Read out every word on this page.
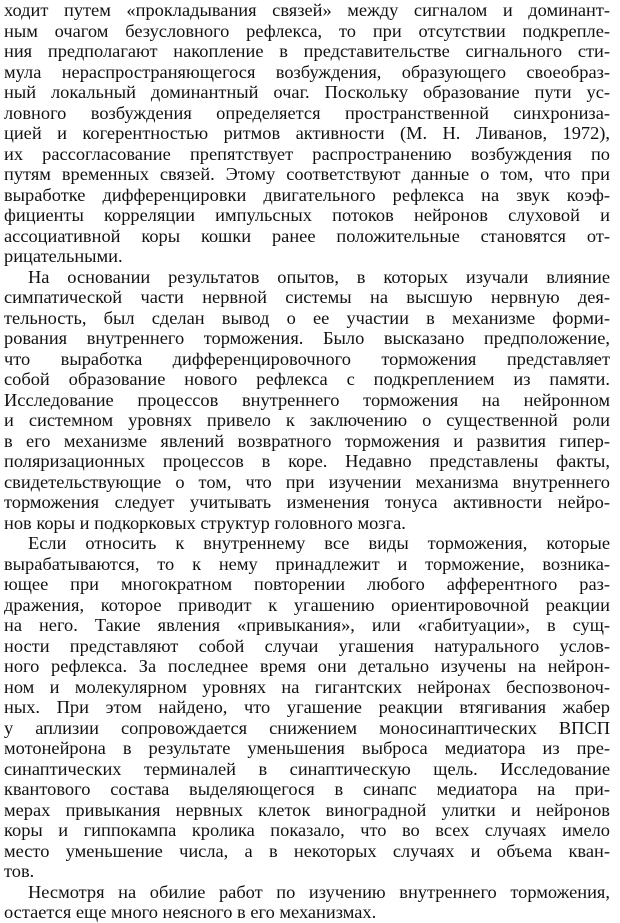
ходит путем «прокладывания связей» между сигналом и доминант-
ным очагом безусловного рефлекса, то при отсутствии подкрепле-
ния предполагают накопление в представительстве сигнального сти-
мула нераспространяющегося возбуждения, образующего своеобраз-
ный локальный доминантный очаг. Поскольку образование пути ус-
ловного возбуждения определяется пространственной синхрониза-
цией и когерентностью ритмов активности (М. Н. Ливанов, 1972),
их рассогласование препятствует распространению возбуждения по
путям временных связей. Этому соответствуют данные о том, что при
выработке дифференцировки двигательного рефлекса на звук коэф-
фициенты корреляции импульсных потоков нейронов слуховой и
ассоциативной коры кошки ранее положительные становятся от-
рицательными.
На основании результатов опытов, в которых изучали влияние
симпатической части нервной системы на высшую нервную дея-
тельность, был сделан вывод о ее участии в механизме форми-
рования внутреннего торможения. Было высказано предположение,
что выработка дифференцировочного торможения представляет
собой образование нового рефлекса с подкреплением из памяти.
Исследование процессов внутреннего торможения на нейронном
и системном уровнях привело к заключению о существенной роли
в его механизме явлений возвратного торможения и развития гипер-
поляризационных процессов в коре. Недавно представлены факты,
свидетельствующие о том, что при изучении механизма внутреннего
торможения следует учитывать изменения тонуса активности нейро-
нов коры и подкорковых структур головного мозга.
Если относить к внутреннему все виды торможения, которые
вырабатываются, то к нему принадлежит и торможение, возника-
ющее при многократном повторении любого афферентного раз-
дражения, которое приводит к угашению ориентировочной реакции
на него. Такие явления «привыкания», или «габитуации», в сущ-
ности представляют собой случаи угашения натурального услов-
ного рефлекса. За последнее время они детально изучены на нейрон-
ном и молекулярном уровнях на гигантских нейронах беспозвоноч-
ных. При этом найдено, что угашение реакции втягивания жабер
у аплизии сопровождается снижением моносинаптических ВПСП
мотонейрона в результате уменьшения выброса медиатора из пре-
синаптических терминалей в синаптическую щель. Исследование
квантового состава выделяющегося в синапс медиатора на при-
мерах привыкания нервных клеток виноградной улитки и нейронов
коры и гиппокампа кролика показало, что во всех случаях имело
место уменьшение числа, а в некоторых случаях и объема кван-
тов.
Несмотря на обилие работ по изучению внутреннего торможения,
остается еще много неясного в его механизмах.
